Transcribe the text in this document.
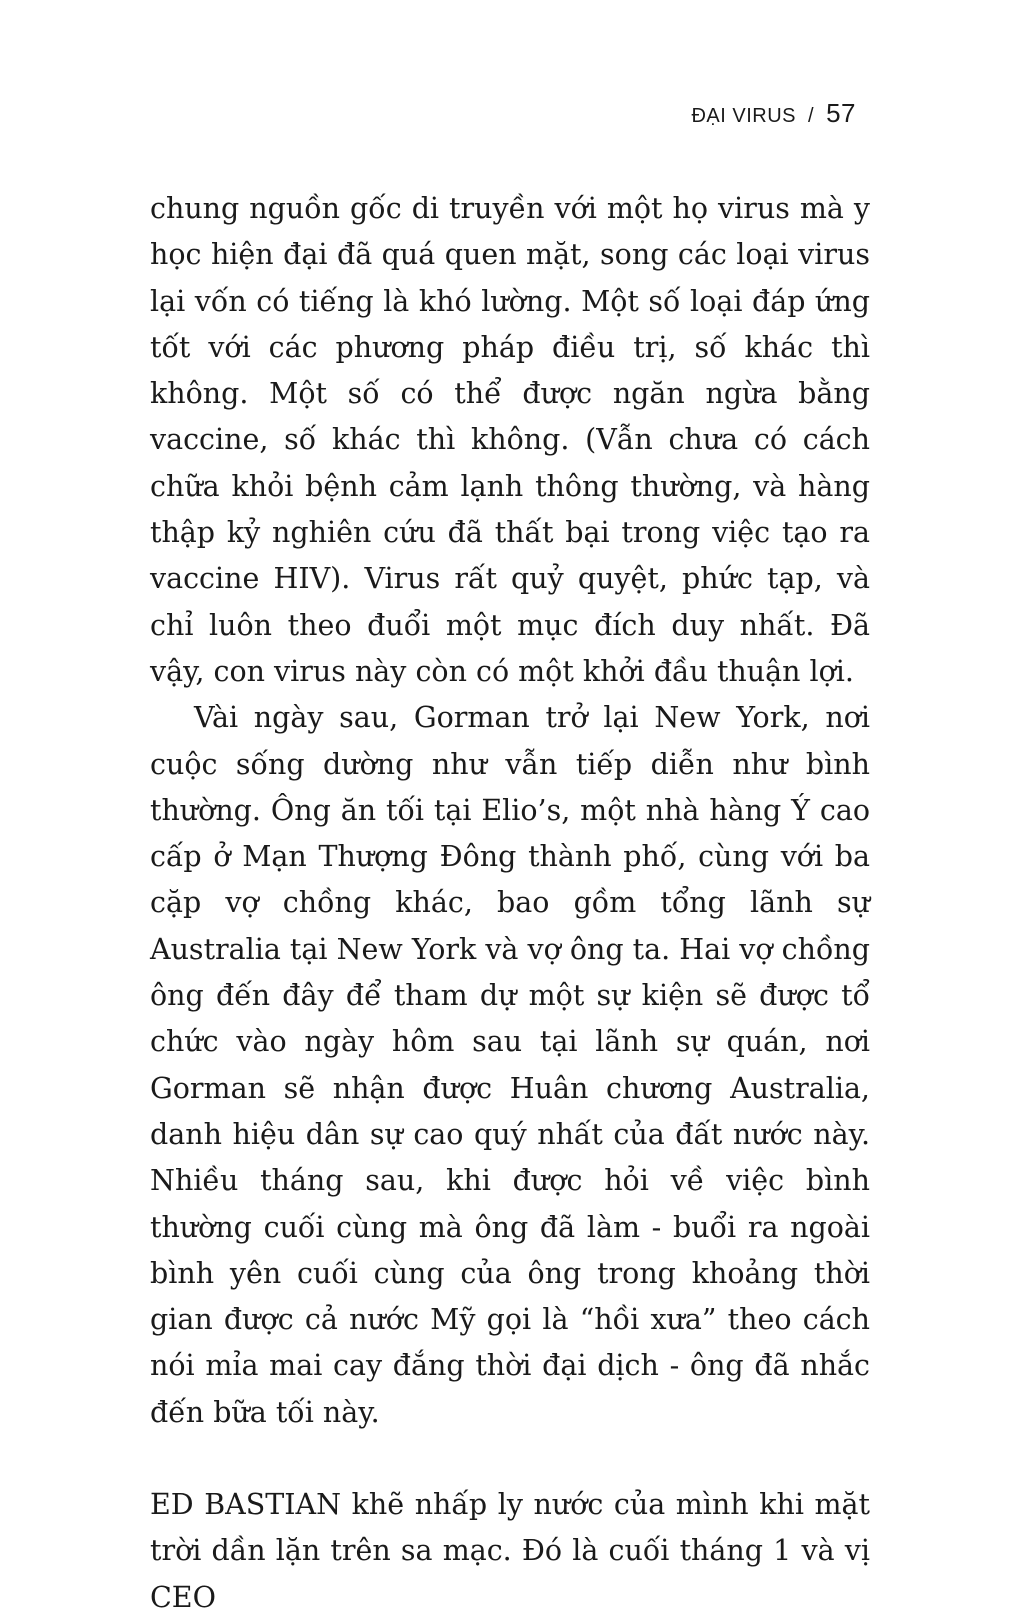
ĐẠI VIRUS / 57

chung nguồn gốc di truyền với một họ virus mà y học hiện đại đã quá quen mặt, song các loại virus lại vốn có tiếng là khó lường. Một số loại đáp ứng tốt với các phương pháp điều trị, số khác thì không. Một số có thể được ngăn ngừa bằng vaccine, số khác thì không. (Vẫn chưa có cách chữa khỏi bệnh cảm lạnh thông thường, và hàng thập kỷ nghiên cứu đã thất bại trong việc tạo ra vaccine HIV). Virus rất quỷ quyệt, phức tạp, và chỉ luôn theo đuổi một mục đích duy nhất. Đã vậy, con virus này còn có một khởi đầu thuận lợi.

Vài ngày sau, Gorman trở lại New York, nơi cuộc sống dường như vẫn tiếp diễn như bình thường. Ông ăn tối tại Elio’s, một nhà hàng Ý cao cấp ở Mạn Thượng Đông thành phố, cùng với ba cặp vợ chồng khác, bao gồm tổng lãnh sự Australia tại New York và vợ ông ta. Hai vợ chồng ông đến đây để tham dự một sự kiện sẽ được tổ chức vào ngày hôm sau tại lãnh sự quán, nơi Gorman sẽ nhận được Huân chương Australia, danh hiệu dân sự cao quý nhất của đất nước này. Nhiều tháng sau, khi được hỏi về việc bình thường cuối cùng mà ông đã làm - buổi ra ngoài bình yên cuối cùng của ông trong khoảng thời gian được cả nước Mỹ gọi là “hồi xưa” theo cách nói mỉa mai cay đắng thời đại dịch - ông đã nhắc đến bữa tối này.

ED BASTIAN khẽ nhấp ly nước của mình khi mặt trời dần lặn trên sa mạc. Đó là cuối tháng 1 và vị CEO
